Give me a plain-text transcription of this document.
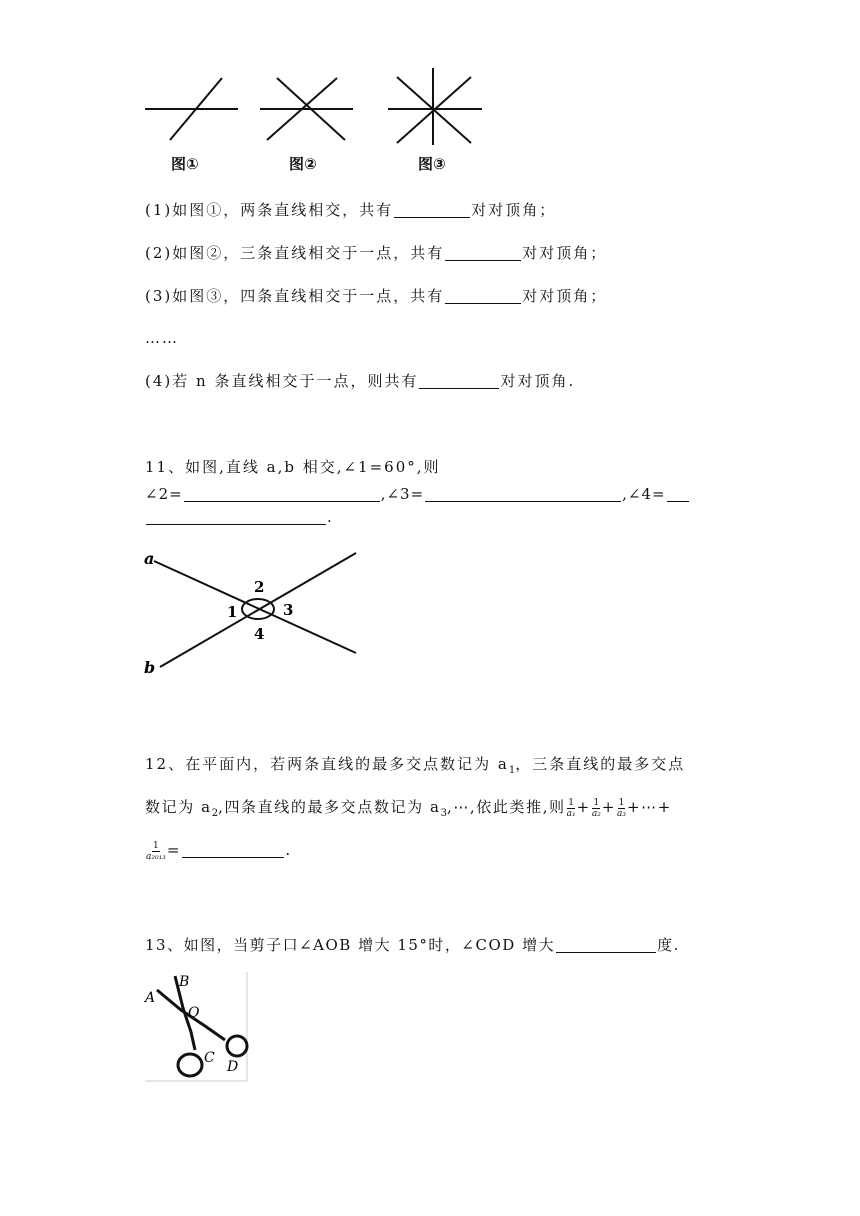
图①	图②	图③
(1)如图①，两条直线相交，共有	对对顶角；
(2)如图②，三条直线相交于一点，共有	对对顶角；
(3)如图③，四条直线相交于一点，共有	对对顶角；
……
(4)若 n 条直线相交于一点，则共有	对对顶角.
11、如图,直线 a,b 相交,∠1=60°,则
∠2=	,∠3=	,∠4=
.
a
b
1
2
3
4
12、在平面内，若两条直线的最多交点数记为 $a_1$，三条直线的最多交点
数记为 $a_2$,四条直线的最多交点数记为 $a_3,\cdots$,依此类推,则 $\frac{1}{\text{a₁}} + \frac{1}{\text{a₂}} + \frac{1}{\text{a₃}}$ +⋯+
$\frac{1}{\text{a₂₀₁₃}}$ =	.
13、如图，当剪子口∠AOB 增大 15°时，∠COD 增大	度.
A
B
O
C
D
